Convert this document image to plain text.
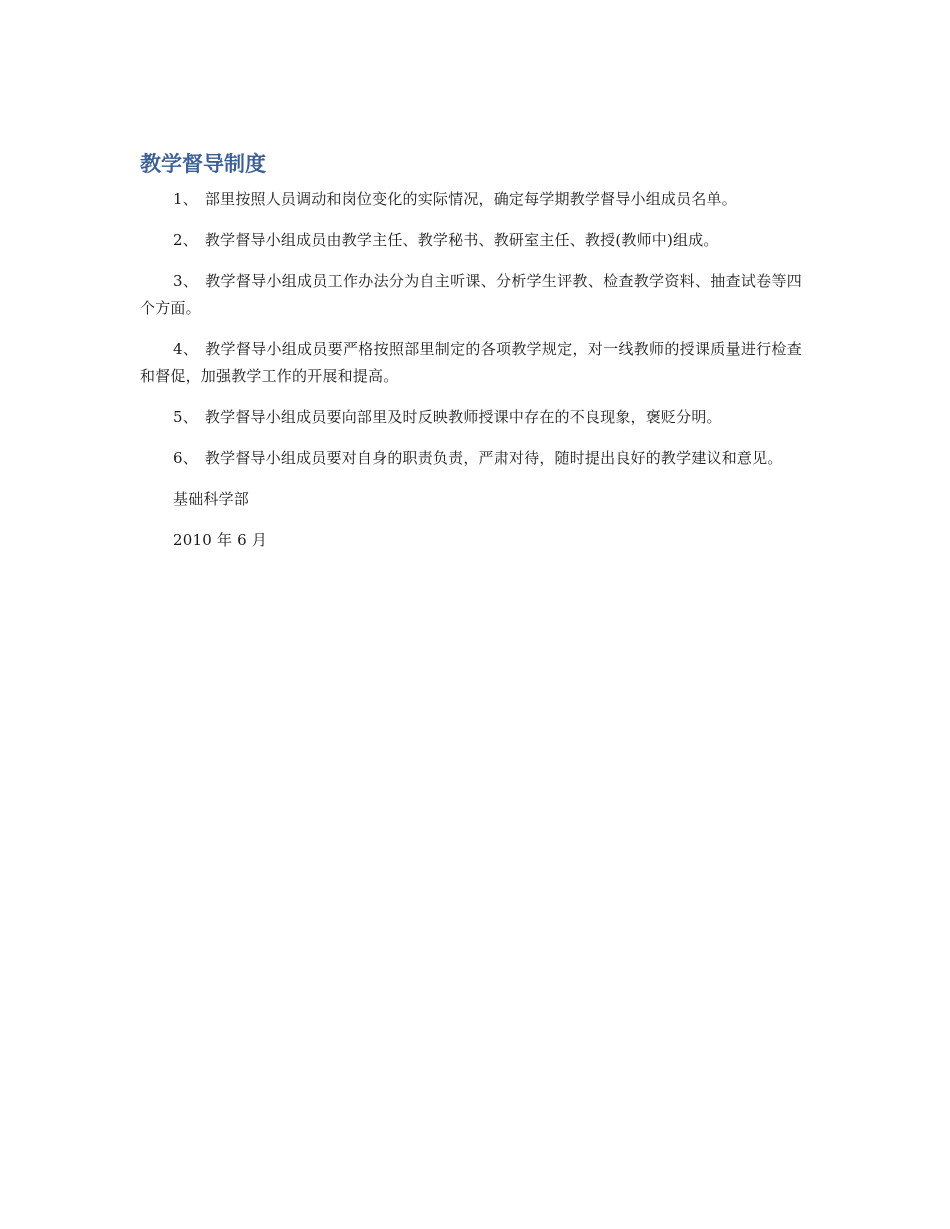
教学督导制度

1、 部里按照人员调动和岗位变化的实际情况，确定每学期教学督导小组成员名单。

2、 教学督导小组成员由教学主任、教学秘书、教研室主任、教授(教师中)组成。

3、 教学督导小组成员工作办法分为自主听课、分析学生评教、检查教学资料、抽查试卷等四个方面。

4、 教学督导小组成员要严格按照部里制定的各项教学规定，对一线教师的授课质量进行检查和督促，加强教学工作的开展和提高。

5、 教学督导小组成员要向部里及时反映教师授课中存在的不良现象，褒贬分明。

6、 教学督导小组成员要对自身的职责负责，严肃对待，随时提出良好的教学建议和意见。

基础科学部

2010 年 6 月
